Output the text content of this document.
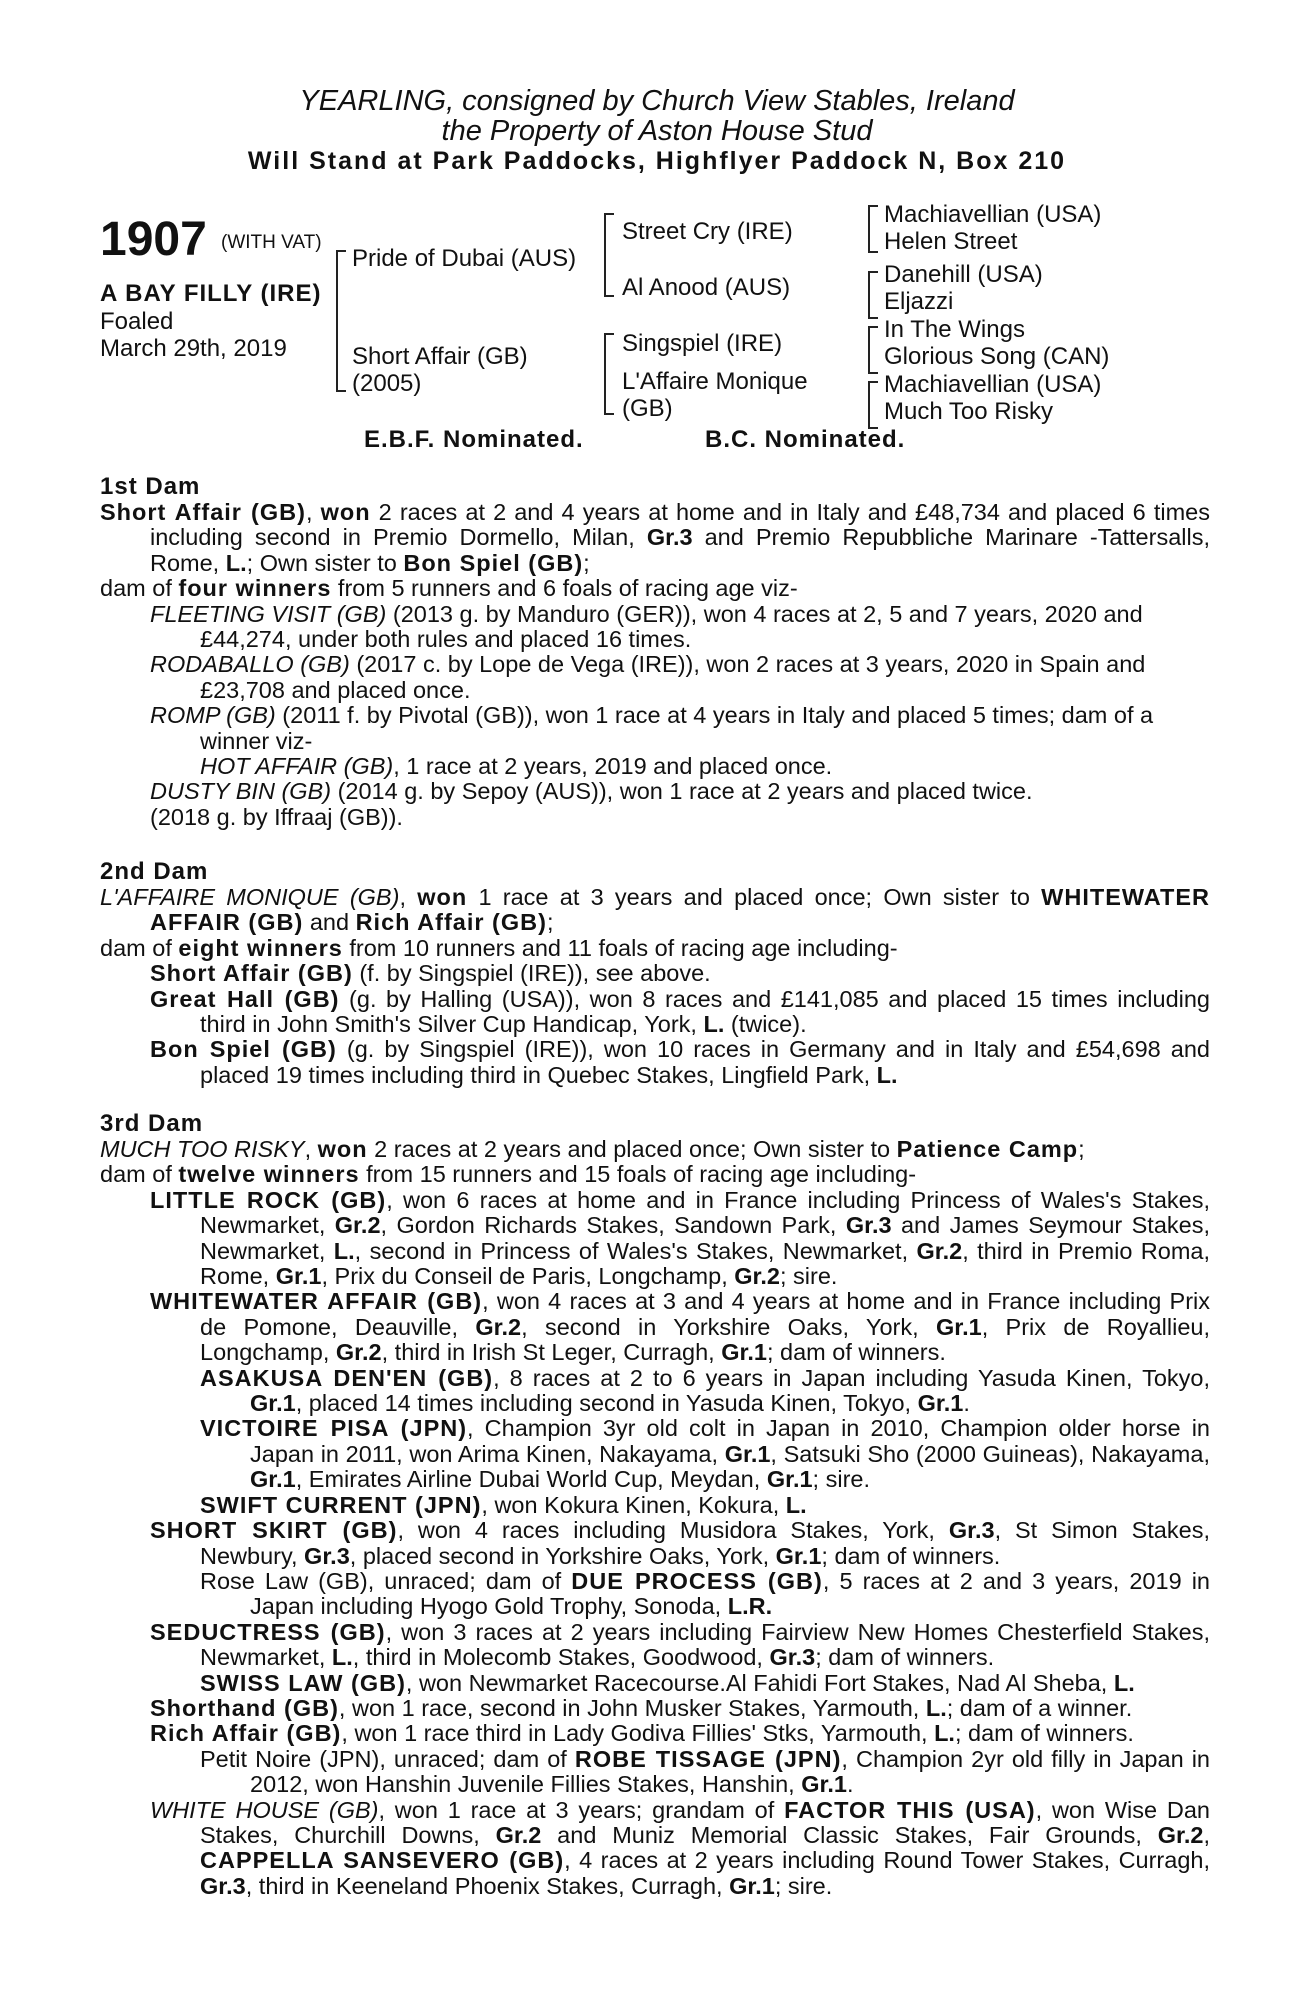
YEARLING, consigned by Church View Stables, Ireland
the Property of Aston House Stud
Will Stand at Park Paddocks, Highflyer Paddock N, Box 210
1907 (WITH VAT)
A BAY FILLY (IRE)
Foaled
March 29th, 2019
Pride of Dubai (AUS)
Short Affair (GB)
(2005)
Street Cry (IRE)
Al Anood (AUS)
Singspiel (IRE)
L'Affaire Monique
(GB)
Machiavellian (USA)
Helen Street
Danehill (USA)
Eljazzi
In The Wings
Glorious Song (CAN)
Machiavellian (USA)
Much Too Risky
E.B.F. Nominated.	B.C. Nominated.
1st Dam

Short Affair (GB), won 2 races at 2 and 4 years at home and in Italy and £48,734 and placed 6 times including second in Premio Dormello, Milan, Gr.3 and Premio Repubbliche Marinare -Tattersalls, Rome, L.; Own sister to Bon Spiel (GB);

dam of four winners from 5 runners and 6 foals of racing age viz-

FLEETING VISIT (GB) (2013 g. by Manduro (GER)), won 4 races at 2, 5 and 7 years, 2020 and £44,274, under both rules and placed 16 times.

RODABALLO (GB) (2017 c. by Lope de Vega (IRE)), won 2 races at 3 years, 2020 in Spain and £23,708 and placed once.

ROMP (GB) (2011 f. by Pivotal (GB)), won 1 race at 4 years in Italy and placed 5 times; dam of a winner viz-

HOT AFFAIR (GB), 1 race at 2 years, 2019 and placed once.

DUSTY BIN (GB) (2014 g. by Sepoy (AUS)), won 1 race at 2 years and placed twice.

(2018 g. by Iffraaj (GB)).

2nd Dam

L'AFFAIRE MONIQUE (GB), won 1 race at 3 years and placed once; Own sister to WHITEWATER AFFAIR (GB) and Rich Affair (GB);

dam of eight winners from 10 runners and 11 foals of racing age including-

Short Affair (GB) (f. by Singspiel (IRE)), see above.

Great Hall (GB) (g. by Halling (USA)), won 8 races and £141,085 and placed 15 times including third in John Smith's Silver Cup Handicap, York, L. (twice).

Bon Spiel (GB) (g. by Singspiel (IRE)), won 10 races in Germany and in Italy and £54,698 and placed 19 times including third in Quebec Stakes, Lingfield Park, L.

3rd Dam

MUCH TOO RISKY, won 2 races at 2 years and placed once; Own sister to Patience Camp;

dam of twelve winners from 15 runners and 15 foals of racing age including-

LITTLE ROCK (GB), won 6 races at home and in France including Princess of Wales's Stakes, Newmarket, Gr.2, Gordon Richards Stakes, Sandown Park, Gr.3 and James Seymour Stakes, Newmarket, L., second in Princess of Wales's Stakes, Newmarket, Gr.2, third in Premio Roma, Rome, Gr.1, Prix du Conseil de Paris, Longchamp, Gr.2; sire.

WHITEWATER AFFAIR (GB), won 4 races at 3 and 4 years at home and in France including Prix de Pomone, Deauville, Gr.2, second in Yorkshire Oaks, York, Gr.1, Prix de Royallieu, Longchamp, Gr.2, third in Irish St Leger, Curragh, Gr.1; dam of winners.

ASAKUSA DEN'EN (GB), 8 races at 2 to 6 years in Japan including Yasuda Kinen, Tokyo, Gr.1, placed 14 times including second in Yasuda Kinen, Tokyo, Gr.1.

VICTOIRE PISA (JPN), Champion 3yr old colt in Japan in 2010, Champion older horse in Japan in 2011, won Arima Kinen, Nakayama, Gr.1, Satsuki Sho (2000 Guineas), Nakayama, Gr.1, Emirates Airline Dubai World Cup, Meydan, Gr.1; sire.

SWIFT CURRENT (JPN), won Kokura Kinen, Kokura, L.

SHORT SKIRT (GB), won 4 races including Musidora Stakes, York, Gr.3, St Simon Stakes, Newbury, Gr.3, placed second in Yorkshire Oaks, York, Gr.1; dam of winners.

Rose Law (GB), unraced; dam of DUE PROCESS (GB), 5 races at 2 and 3 years, 2019 in Japan including Hyogo Gold Trophy, Sonoda, L.R.

SEDUCTRESS (GB), won 3 races at 2 years including Fairview New Homes Chesterfield Stakes, Newmarket, L., third in Molecomb Stakes, Goodwood, Gr.3; dam of winners.

SWISS LAW (GB), won Newmarket Racecourse.Al Fahidi Fort Stakes, Nad Al Sheba, L.

Shorthand (GB), won 1 race, second in John Musker Stakes, Yarmouth, L.; dam of a winner.

Rich Affair (GB), won 1 race third in Lady Godiva Fillies' Stks, Yarmouth, L.; dam of winners.

Petit Noire (JPN), unraced; dam of ROBE TISSAGE (JPN), Champion 2yr old filly in Japan in 2012, won Hanshin Juvenile Fillies Stakes, Hanshin, Gr.1.

WHITE HOUSE (GB), won 1 race at 3 years; grandam of FACTOR THIS (USA), won Wise Dan Stakes, Churchill Downs, Gr.2 and Muniz Memorial Classic Stakes, Fair Grounds, Gr.2, CAPPELLA SANSEVERO (GB), 4 races at 2 years including Round Tower Stakes, Curragh, Gr.3, third in Keeneland Phoenix Stakes, Curragh, Gr.1; sire.
